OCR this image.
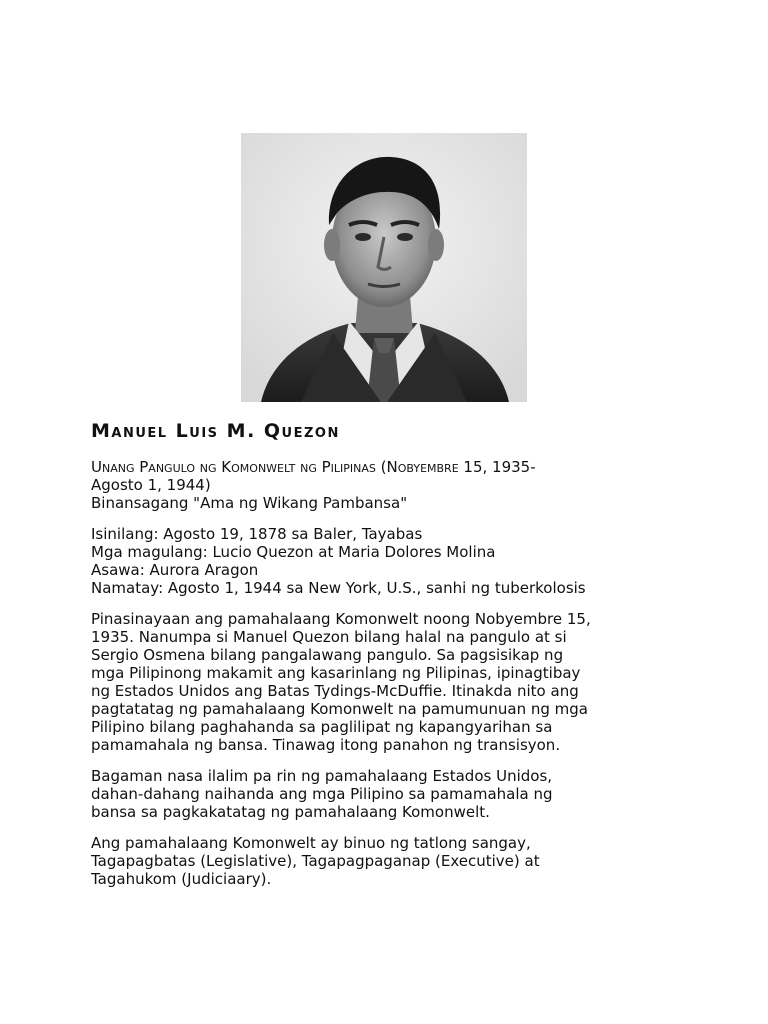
Manuel Luis M. Quezon
Unang Pangulo ng Komonwelt ng Pilipinas (Nobyembre 15, 1935-
Agosto 1, 1944)
Binansagang "Ama ng Wikang Pambansa"
Isinilang: Agosto 19, 1878 sa Baler, Tayabas
Mga magulang: Lucio Quezon at Maria Dolores Molina
Asawa: Aurora Aragon
Namatay: Agosto 1, 1944 sa New York, U.S., sanhi ng tuberkolosis
Pinasinayaan ang pamahalaang Komonwelt noong Nobyembre 15,
1935. Nanumpa si Manuel Quezon bilang halal na pangulo at si
Sergio Osmena bilang pangalawang pangulo. Sa pagsisikap ng
mga Pilipinong makamit ang kasarinlang ng Pilipinas, ipinagtibay
ng Estados Unidos ang Batas Tydings-McDuffie. Itinakda nito ang
pagtatatag ng pamahalaang Komonwelt na pamumunuan ng mga
Pilipino bilang paghahanda sa paglilipat ng kapangyarihan sa
pamamahala ng bansa. Tinawag itong panahon ng transisyon.
Bagaman nasa ilalim pa rin ng pamahalaang Estados Unidos,
dahan-dahang naihanda ang mga Pilipino sa pamamahala ng
bansa sa pagkakatatag ng pamahalaang Komonwelt.
Ang pamahalaang Komonwelt ay binuo ng tatlong sangay,
Tagapagbatas (Legislative), Tagapagpaganap (Executive) at
Tagahukom (Judiciaary).
